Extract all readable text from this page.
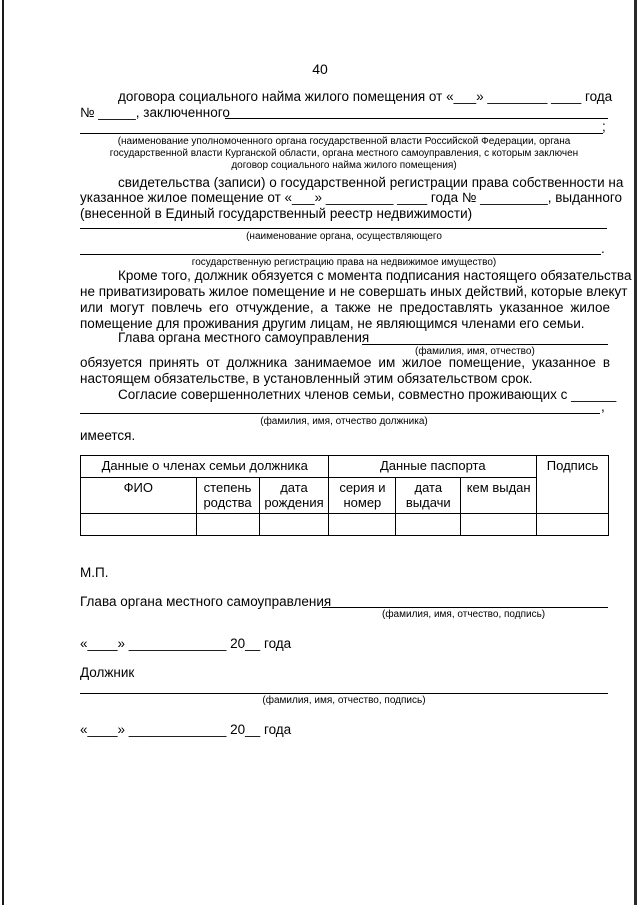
40
договора социального найма жилого помещения от «___» ________ ____ года
№ _____, заключенного
;
(наименование уполномоченного органа государственной власти Российской Федерации, органа
государственной власти Курганской области, органа местного самоуправления, с которым заключен
договор социального найма жилого помещения)
свидетельства (записи) о государственной регистрации права собственности на
указанное жилое помещение от «___» _________ ____ года № _________, выданного
(внесенной в Единый государственный реестр недвижимости)
(наименование органа, осуществляющего
.
государственную регистрацию права на недвижимое имущество)
Кроме того, должник обязуется с момента подписания настоящего обязательства
не приватизировать жилое помещение и не совершать иных действий, которые влекут
или могут повлечь его отчуждение, а также не предоставлять указанное жилое
помещение для проживания другим лицам, не являющимся членами его семьи.
Глава органа местного самоуправления
(фамилия, имя, отчество)
обязуется принять от должника занимаемое им жилое помещение, указанное в
настоящем обязательстве, в установленный этим обязательством срок.
Согласие совершеннолетних членов семьи, совместно проживающих с ______
,
(фамилия, имя, отчество должника)
имеется.
Данные о членах семьи должника			Данные паспорта			Подпись
ФИО	степень родства	дата рождения	серия и номер	дата выдачи	кем выдан	

М.П.
Глава органа местного самоуправления
(фамилия, имя, отчество, подпись)
«____» _____________ 20__ года
Должник
(фамилия, имя, отчество, подпись)
«____» _____________ 20__ года
